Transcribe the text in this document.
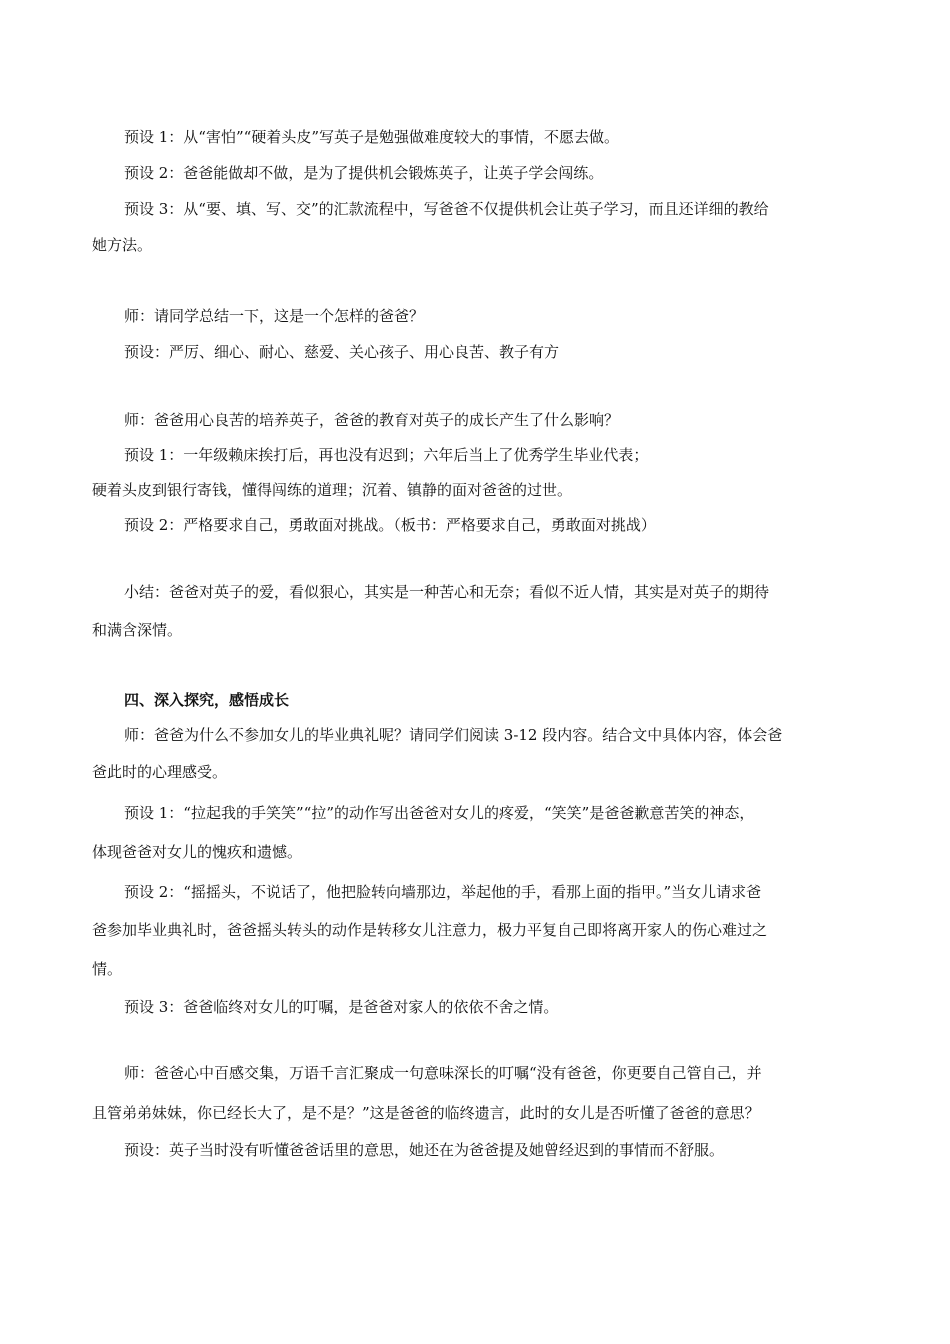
预设 1：从“害怕”“硬着头皮”写英子是勉强做难度较大的事情，不愿去做。
预设 2：爸爸能做却不做，是为了提供机会锻炼英子，让英子学会闯练。
预设 3：从“要、填、写、交”的汇款流程中，写爸爸不仅提供机会让英子学习，而且还详细的教给
她方法。
师：请同学总结一下，这是一个怎样的爸爸？
预设：严厉、细心、耐心、慈爱、关心孩子、用心良苦、教子有方
师：爸爸用心良苦的培养英子，爸爸的教育对英子的成长产生了什么影响？
预设 1：一年级赖床挨打后，再也没有迟到；六年后当上了优秀学生毕业代表；
硬着头皮到银行寄钱，懂得闯练的道理；沉着、镇静的面对爸爸的过世。
预设 2：严格要求自己，勇敢面对挑战。（板书：严格要求自己，勇敢面对挑战）
小结：爸爸对英子的爱，看似狠心，其实是一种苦心和无奈；看似不近人情，其实是对英子的期待
和满含深情。
四、深入探究，感悟成长
师：爸爸为什么不参加女儿的毕业典礼呢？请同学们阅读 3-12 段内容。结合文中具体内容，体会爸
爸此时的心理感受。
预设 1：“拉起我的手笑笑”“拉”的动作写出爸爸对女儿的疼爱，“笑笑”是爸爸歉意苦笑的神态，
体现爸爸对女儿的愧疚和遗憾。
预设 2：“摇摇头，不说话了，他把脸转向墙那边，举起他的手，看那上面的指甲。”当女儿请求爸
爸参加毕业典礼时，爸爸摇头转头的动作是转移女儿注意力，极力平复自己即将离开家人的伤心难过之
情。
预设 3：爸爸临终对女儿的叮嘱，是爸爸对家人的依依不舍之情。
师：爸爸心中百感交集，万语千言汇聚成一句意味深长的叮嘱“没有爸爸，你更要自己管自己，并
且管弟弟妹妹，你已经长大了，是不是？”这是爸爸的临终遗言，此时的女儿是否听懂了爸爸的意思？
预设：英子当时没有听懂爸爸话里的意思，她还在为爸爸提及她曾经迟到的事情而不舒服。
